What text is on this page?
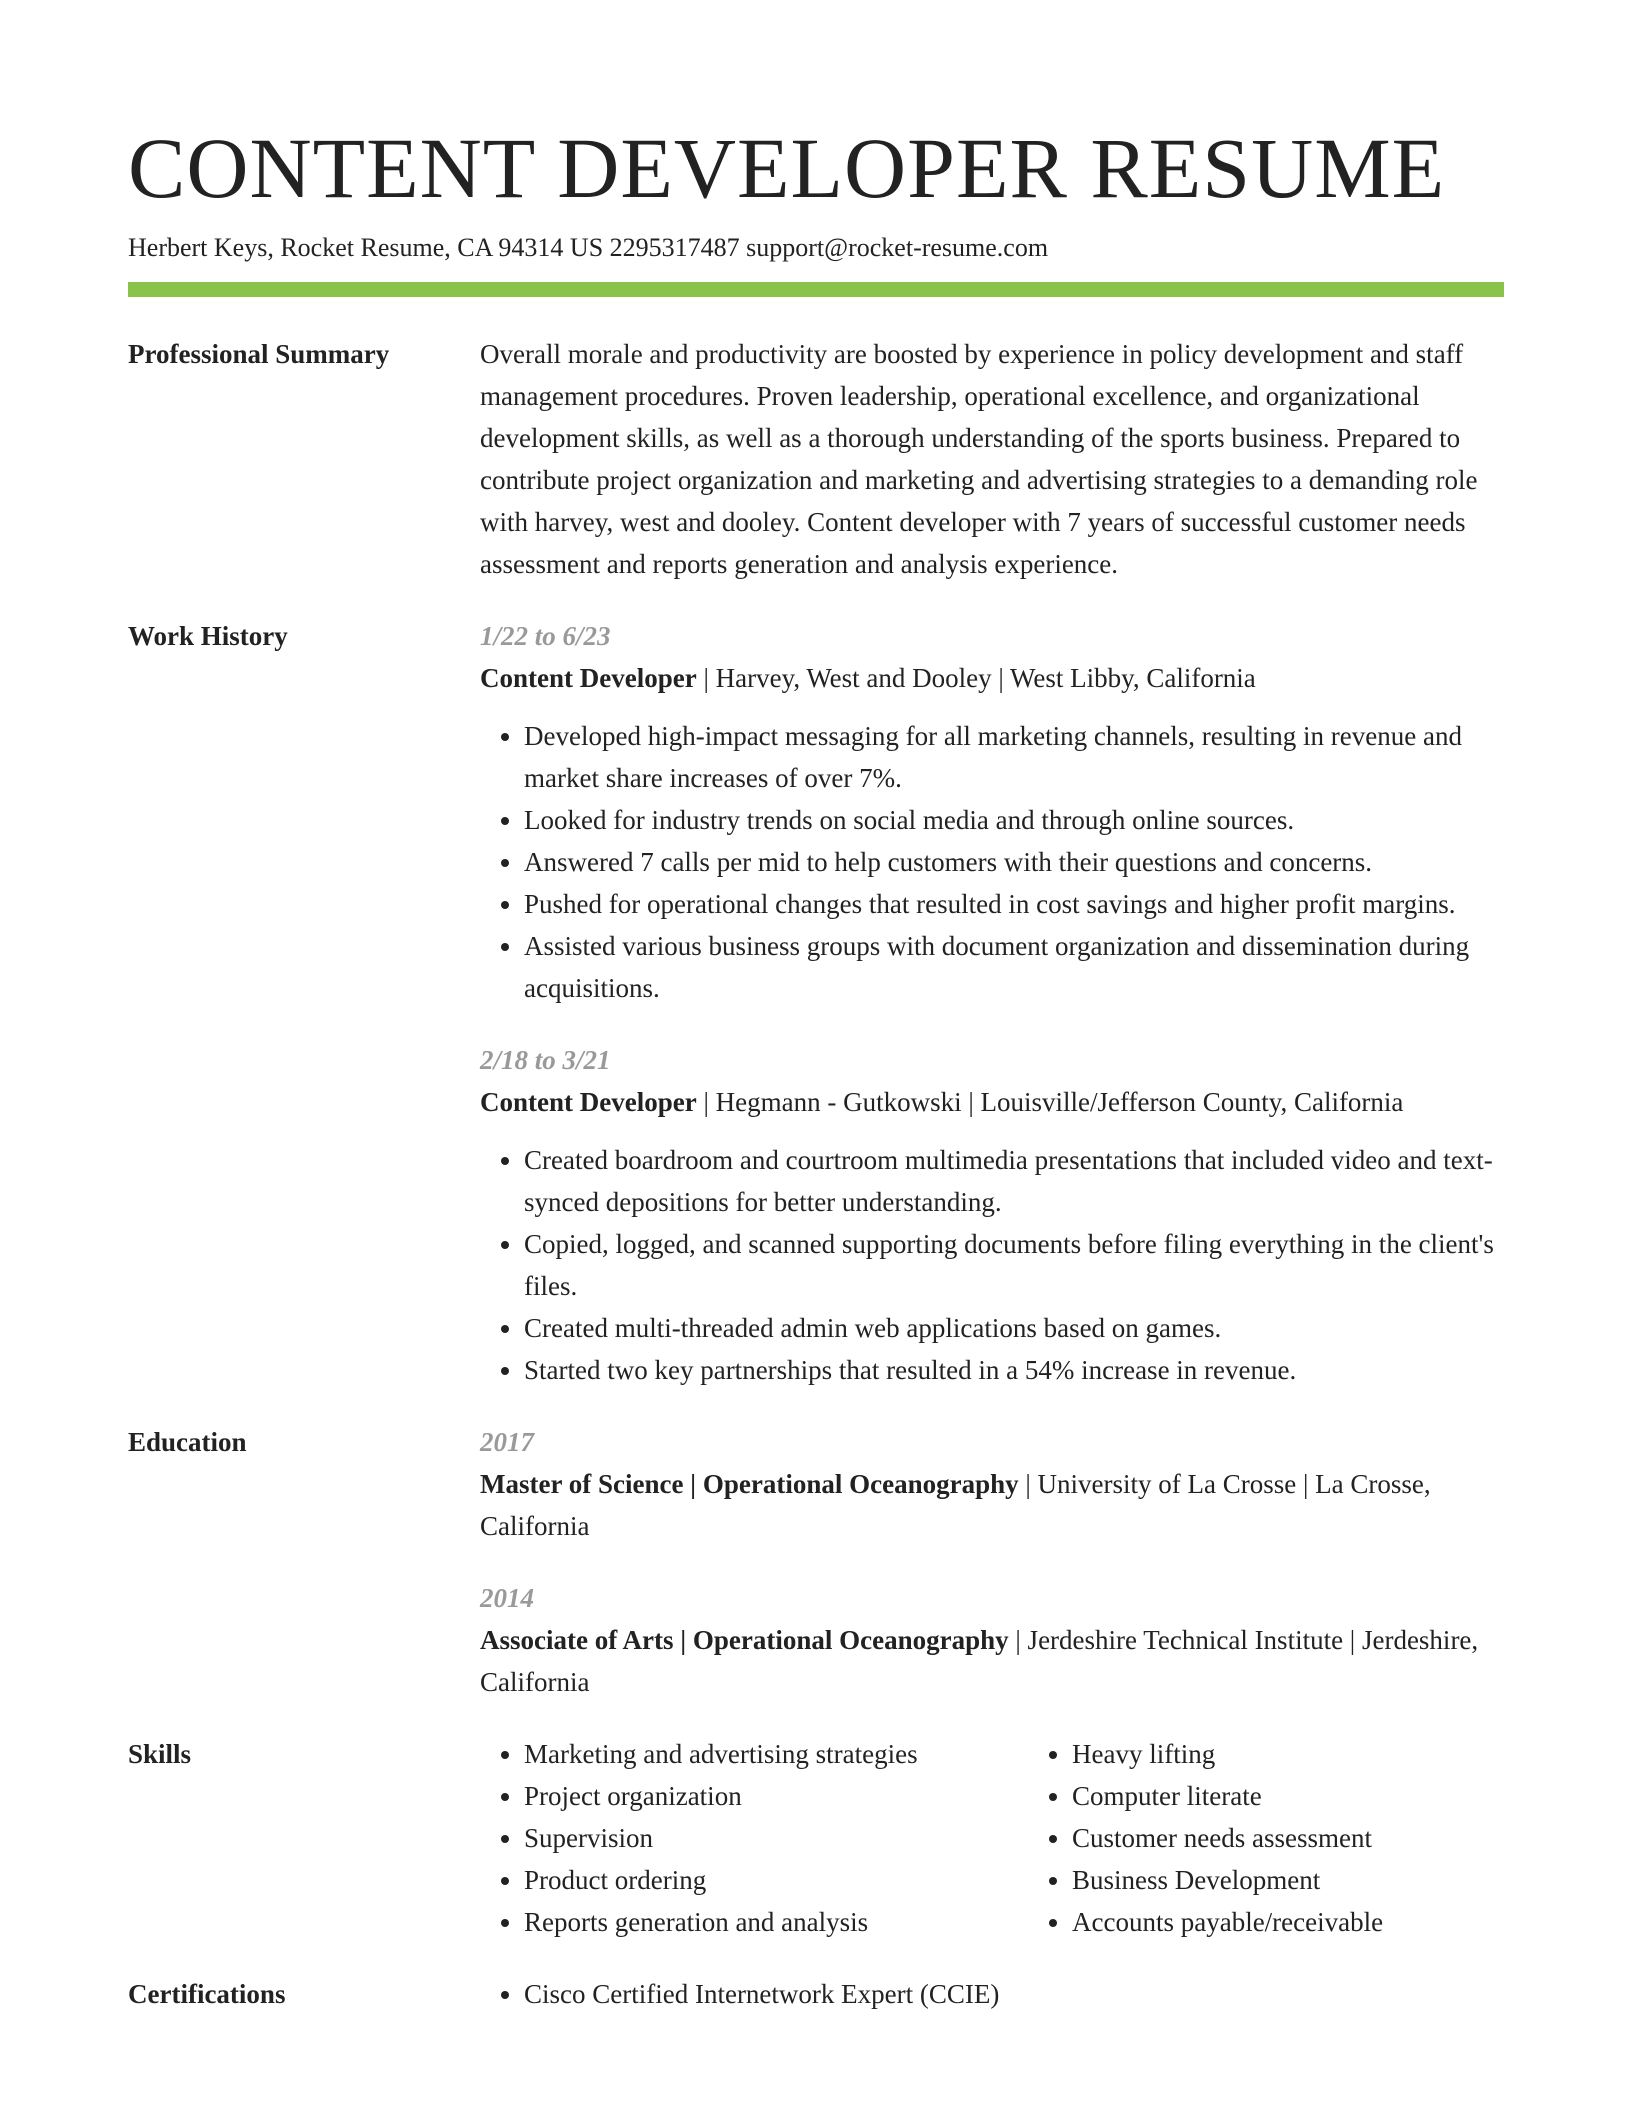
CONTENT DEVELOPER RESUME
Herbert Keys, Rocket Resume, CA 94314 US 2295317487 support@rocket-resume.com
Professional Summary	Overall morale and productivity are boosted by experience in policy development and staff management procedures. Proven leadership, operational excellence, and organizational development skills, as well as a thorough understanding of the sports business. Prepared to contribute project organization and marketing and advertising strategies to a demanding role with harvey, west and dooley. Content developer with 7 years of successful customer needs assessment and reports generation and analysis experience.
Work History	1/22 to 6/23
Content Developer | Harvey, West and Dooley | West Libby, California
• Developed high-impact messaging for all marketing channels, resulting in revenue and market share increases of over 7%.
• Looked for industry trends on social media and through online sources.
• Answered 7 calls per mid to help customers with their questions and concerns.
• Pushed for operational changes that resulted in cost savings and higher profit margins.
• Assisted various business groups with document organization and dissemination during acquisitions.
2/18 to 3/21
Content Developer | Hegmann - Gutkowski | Louisville/Jefferson County, California
• Created boardroom and courtroom multimedia presentations that included video and text-synced depositions for better understanding.
• Copied, logged, and scanned supporting documents before filing everything in the client's files.
• Created multi-threaded admin web applications based on games.
• Started two key partnerships that resulted in a 54% increase in revenue.
Education	2017
Master of Science | Operational Oceanography | University of La Crosse | La Crosse, California
2014
Associate of Arts | Operational Oceanography | Jerdeshire Technical Institute | Jerdeshire, California
Skills	• Marketing and advertising strategies
• Project organization
• Supervision
• Product ordering
• Reports generation and analysis
• Heavy lifting
• Computer literate
• Customer needs assessment
• Business Development
• Accounts payable/receivable
Certifications	• Cisco Certified Internetwork Expert (CCIE)
